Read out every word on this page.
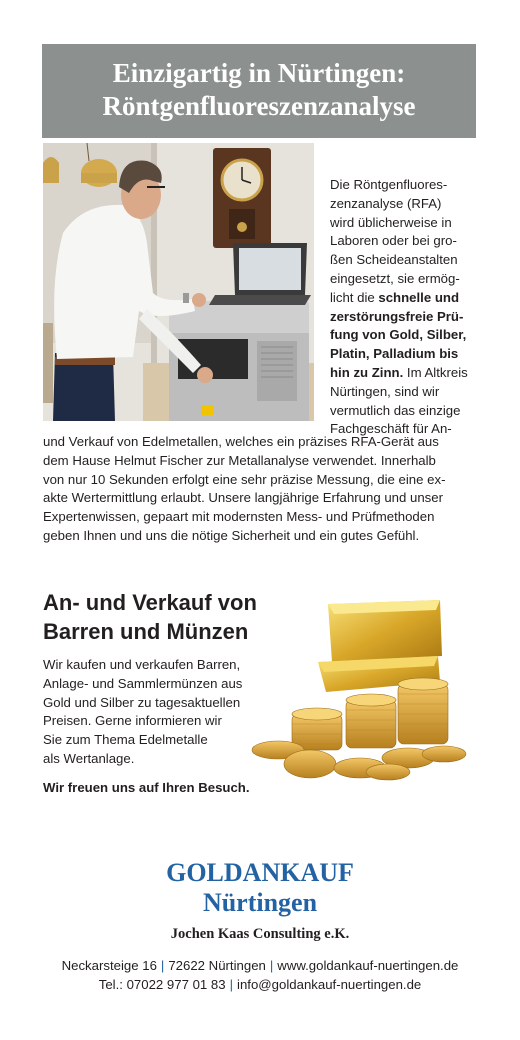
Einzigartig in Nürtingen:
Röntgenfluoreszenzanalyse

Die Röntgenfluores-
zenzanalyse (RFA)
wird üblicherweise in
Laboren oder bei gro-
ßen Scheideanstalten
eingesetzt, sie ermög-
licht die schnelle und
zerstörungsfreie Prü-
fung von Gold, Silber,
Platin, Palladium bis
hin zu Zinn. Im Altkreis
Nürtingen, sind wir
vermutlich das einzige
Fachgeschäft für An-

und Verkauf von Edelmetallen, welches ein präzises RFA-Gerät aus
dem Hause Helmut Fischer zur Metallanalyse verwendet. Innerhalb
von nur 10 Sekunden erfolgt eine sehr präzise Messung, die eine ex-
akte Wertermittlung erlaubt. Unsere langjährige Erfahrung und unser
Expertenwissen, gepaart mit modernsten Mess- und Prüfmethoden
geben Ihnen und uns die nötige Sicherheit und ein gutes Gefühl.

An- und Verkauf von
Barren und Münzen

Wir kaufen und verkaufen Barren,
Anlage- und Sammlermünzen aus
Gold und Silber zu tagesaktuellen
Preisen. Gerne informieren wir
Sie zum Thema Edelmetalle
als Wertanlage.

Wir freuen uns auf Ihren Besuch.

GOLDANKAUF
Nürtingen
Jochen Kaas Consulting e.K.
Neckarsteige 16 | 72622 Nürtingen | www.goldankauf-nuertingen.de
Tel.: 07022 977 01 83 | info@goldankauf-nuertingen.de
